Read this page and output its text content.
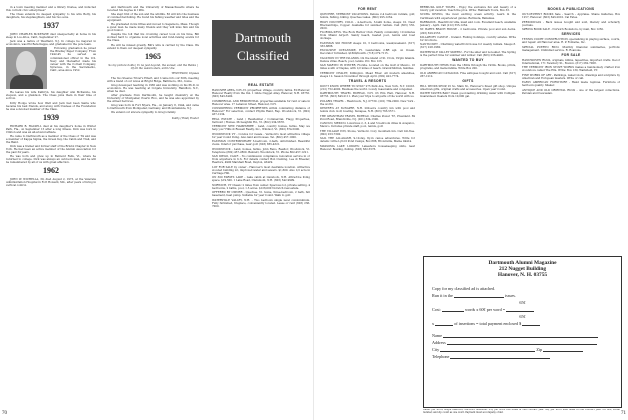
in a town meeting member and a library trustee, and inducted this current civic enterprises?

The Class extends its deepest sympathy to his wife Betty, his daughters, his stepdaughters, and his two sons.

1937

JOHN CHARLES McKENZIE died unexpectedly at home in his sleep in Los Altos, Calif., September 27.

Jack was a native of Westfield, N.J. In college he majored in economics, was Phi Beta Kappa, and graduated in the pole team.

Following graduation he joined the Bradley Paper Company. From 1942-45 he served as commissioned officer in the U.S. Navy and thereafter made his career with the Cornell Company, Syracuse, in the Sacramento, Calif., area since 1952.

He leaves his wife Kathryn, his daughter Ann McKenzie, his stepson, and a grandson. The Class joins them in their time of sorrow.

Kitty Hodge wrote how Walt and Jack had been Santa who became his best friends, and along with trustees of the Foundation he was a devoted member of the Class.

1939

RICHARD B. HALSELL died at his daughter's home in Winter Park, Fla., on September 15 after a long illness. Dick was born in Clinton and was an all-around athlete.

He came to Dartmouth as a member of the Class of '39 and was a member of Kappa Sigma, the Green Key, the Cabin and Trail, and the Band.

Dick was a trainer and former staff of the Bristol Chapter in New York. He had been an active member of the Alumni Association for the past 34 years.

He was born and grew up in Belmont Falls, Vt., where he returned to college. Dick was always an outdoors man, and he will be remembered by all of us with great affection.

1962

JOHN W. WICHELLA, 39, died August 2, 1975, at the Veterans Administration Hospital in Fort Howard, Md., after years of living in vertical control.

and Dartmouth and the University of Massachusetts where he received his degree in 1964.

She slept first of the sun and the wildlife. Ed will into the business of commercial fishing. He found his fishing weather and tides and the equipment.

He graduated in his fifties and moved to Sagamore, Mass. Though a quiet man he made many friends and they will miss him and his good humor.

Despite the toll that his crowning career took on his time, Bill worked hard to organize local activities and fund-raising events for the Class.

He will be missed greatly. Bill's wife is carried by the Class. We extend to them our deepest sympathy.

1965

So my picture holds | To be just beyond, the sunset, and the Banks | Of all the waters stars, until I die.

TENNYSON, Ulysses

The two Steeres Tricar's Elbert, and I came into our 50th, meeting with a blend of our wives at Bright Ridge, Baltimore, Md., home.

Greg developed teaching in 1965 and was working on his Ph.D. in economics. He was teaching at Colgate University, Hamilton, N.Y., when he died.

After graduate from Dartmouth, he taught chemistry at the University of Montpelier, Puerto Rico, and he was also appointed by the Armed Services.

Greg was born in Fort Myers, Fla., on January 8, 1944, and came to Dartmouth from Montpelier, Germany, and Mountainside, N.J.

We extend our sincere sympathy to Greg's family.

Kathy (Thiel) Fowler

Dartmouth
Classified
REAL ESTATE

HANOVER AREA, N.H.-Vt. properties: village, country, farms. Ed Hanover, Hanover Realty from the Inn. 1 Glide Nugget Alley, Hanover, N.H. 03755. (603) 643-3400.

COMMERCIAL AND RESIDENTIAL properties available for rent or sale in Hanover area. 17 Lebanon Street, Hanover, N.H.

CONSIDERING VERMONT PROPERTIES within commuting distance of Hanover? For selection, contact Phyllis Rand, Rep. Woodstock, Vt. (802) 457-1234.

REAL ESTATE - Land / Residential / Commercial. Flagg Properties, Vermont / Homes. McLaughlin Rd., Vt. (802) 234-5678.

VERMONT NEW HAMPSHIRE - Land, country homes, farms. May we help you? Hills & Russell Realty, Inc., Windsor, Vt. (802) 674-5000.

WOODSTOCK VT - Condos for resale - Vermont's most attractive village for year round living. Also land and houses. Tel. (802) 457-1000.

EASTMAN CONTEMPORARY 3-bedroom, 2-bath, unfurnished. Beautiful views. Interior purchase, near golf. (603) 865-4321.

WOODSTOCK - Land, homes, farms, John Reno, Realtor, Woodstock, Vt. Telephone (802) 457-2800. Bennett, Woodstock, Vt. Phone 802-457-1221.

SAN DIEGO, CALIF. - No commission compliance relocation service in or from anywhere in U.S. For details contact Bob Cushing, Lee & Breeder, Realtors, 4900 Marshall Road, Dayton, 45429.

LOT FOR SALE by owner - Hanover's most desirable location. Attractive wooded building lot, improved water and sewers. $1,600. Also 1/2 acre in Carriage Hill.

ON 300 FARM'S LAKE - Lake cabin at Gunstock, N.H. Attractive living space. $19,500. 1 Lake Road, Claremont, N.H. (603) 542-9999.

NORWICH, VT Classic 2 miles from center. Spacious lot, private setting, 4 bedrooms, 2 baths, pool, 1.5 acres. $126,000 Norwich real estate.

OFFERED BY OWNER - Quechee, Vt. home, three-bedroom, 2 bath, full basement, heat pump. Suitable for year round. Walk to golf.

WATERVILLE VALLEY, N.H. - Two bedroom single level condominium. Fully furnished, fireplace, conveniently located. Lease or rent (603) 236-7000.

FOR RENT

QUECHEE, VERMONT VACATIONS. Deluxe 2-4 bedroom rentals, golf, tennis, fishing, biking. Quechee Lakes. (802) 295-1234.

HIGH COUNTRY, COLO. - 4-bedroom, 3-bath home, sleeps 10. Near Breckenridge, Copper. Available for summer rentals. Call (303) 555-2020.

FLORIDA KEYS. The Rock Harbor Club. Family community, 10 minutes from Miami Airport. Sandy beach, heated pool, tennis and boat dockage.

EASTMAN SKI HOUSE sleeps 10, 3 bedrooms, week/weekend. (617) 333-8888.

EXCLUSIVE OCEANSIDE, Ft. Lauderdale 2-BR apt. on Ocean. Decorator furnished, $1600/month. (718) 279-7115.

VACATION IN THE ISLANDS. On the island of St. Croix, Virgin Islands. Deluxe villas. Beach, pool, tennis. P.O. Box 123.

SAN MARTIN IN WINTER, Florida. Located on the Gulf of Mexico. 16 miles south of Naples, with 1/2 miles of beach. Grandchildren, families.

VERMONT CHALET, Killington. Mead River. All modern amenities, sleeps 12. Season November through April. (802) 422-7774.

TRAVEL & RESORTS

DON'T KNOW WHERE TO STAY? 275 Park Ave, New York, N.Y. 10016. (212) 752-4000. Business the world. Lovely reasonable and congenial.

DARTMOUTH TRAVEL BUREAU, N.H. 03 Elm Hall, Hanover, N.H. 03755. (603) 643-2111. Plan your trips to all parts of the world with us.

POLARIS TRAVEL - Hasbrouck, N.J. 07730. (201) 739-2000. New York - the world.

DEXTER'S AT SUNAPEE, N.H. 200-acre country inn with pool and tennis club. Golf, boating. Sunapee, N.H. (603) 763-5571.

THE GRANTHAM TRAVEL BUREAU. Charles Power '67, President. 69 Pond Road, Branchville, N.J. (201) 334-1300.

CANCUN, MEXICO. Luxurious 2, 3, 4 and 5 bedroom villas in Acapulco, Mexico. Includes private staff, pool, tennis, golf.

THE VILLAGE INN, Stowe, Vermont. Cozy mountain inn. Call toll-free. (802) 253-7300.

SAIL THE ALLAGASH, 9-10-day, fly-in canoe adventures. Write for details: Little Lyford Pond Camps, Box 888, Brownville, Maine 04414.

MASSOMA LAKE LODGES: Lakeshore housekeeping units, near Hanover. Boating, fishing. (603) 632-5576.

BERMUDA GOLF TOURS - Enjoy the exclusive fun and beauty of a luxury golf vacation. Teach the pros. Write: Hallmark Tours, Box 33.

SCUBA DIVING, the most exciting ocean activity. Learn in the Caribbean with experienced guides. Bermuda, Bahamas.

BARBADOS - Beachfront villa, maid and cook. Excellent beach, available January - April. Call (212) 555-1234.

ST. BARTS BEACH HOUSE - 2 bedrooms. Private pool and sun decks. (203) 629-2555.

KILLARNEY CASTLE - Ireland. Fishing holidays, country estates. Write for brochure.

NANTUCKET - Charming waterfront house for weekly rentals. Sleeps 8. (617) 228-1980.

WATERVILLE VALLEY SKIERS! - For the skier and non-skier. The Spring is the perfect time for summer and winter. Call (603) 236-4400.

WANTED TO BUY

DARTMOUTH ITEMS from the 1800s through the 1930s. Books, prints, programs, and memorabilia. Write Box 200.

OLD AMERICAN CATALOGS. Fine antiques bought and sold. Call (617) 267-1212.

GIFTS

HILL WINDS SHOP, 25 So. Main St., Hanover's finest gift shop. Unique American gifts, original crafts and accessories. Open year round.

WATER TASTES BAD? Clean good-tasting drinking water with Culligan. Guaranteed. Dealers from 10,000 gal.

BOOKS & PUBLICATIONS

OUT-OF-PRINT BOOKS Sale - Search - Appraise. Shane Galleries, Box 1257, Hanover. (603) 643-2010. Cal Estes.

PERIODICALS - Back issues bought and sold, literary and scholarly journals.

SPRING BOOK SALE - Norwich Bookstore, by mail, Box 1250.

SERVICES

TENNIS COURT CONSTRUCTION, specializing in playing surface, courts, and repair. All Hanover area. R. P. Fontaine, Inc.

SPECIAL PUERTO RICO. Monthly financial summaries, portfolio management. Unlimited service. R. Roanoke.

FOR SALE

HANDWOVEN RUGS, originals, kilims, tapestries, imported crafts. Decor International, 171 Newbury St., Boston. (617) 262-7008.

THE VERMONT IRON STOVE WORKS makes a handsomely crafted iron woodstove called The Elm. Write: Box 130, Waitsfield, VT.

FINE WORKS OF ART - Paintings, watercolors, drawings and sculpture by American and European masters. Write or call.

EARLY AMERICAN FURNITURE - Hand made replicas. Furniture of heirloom quality. Shaker.

ANTIQUE AND OLD ORIENTAL RUGS - one of the largest collections. Persian and Caucasian.

Dartmouth Alumni Magazine

212 Nugget Building

Hanover, N. H. 03755

Copy for my classified ad is attached.

Run it in the	issues.

65¢

Cost:	words x 60¢ per word =

65¢

x	of insertions = total payment enclosed $

Name

Address

City	Zip

Telephone

Rates: per word, single insertion, ten-word minimum. 65¢ per word five times in one contract year. 60¢ per word nine times in one contract year. PO Box, street number, and zip count as one word. Payment must accompany order.
70	71
